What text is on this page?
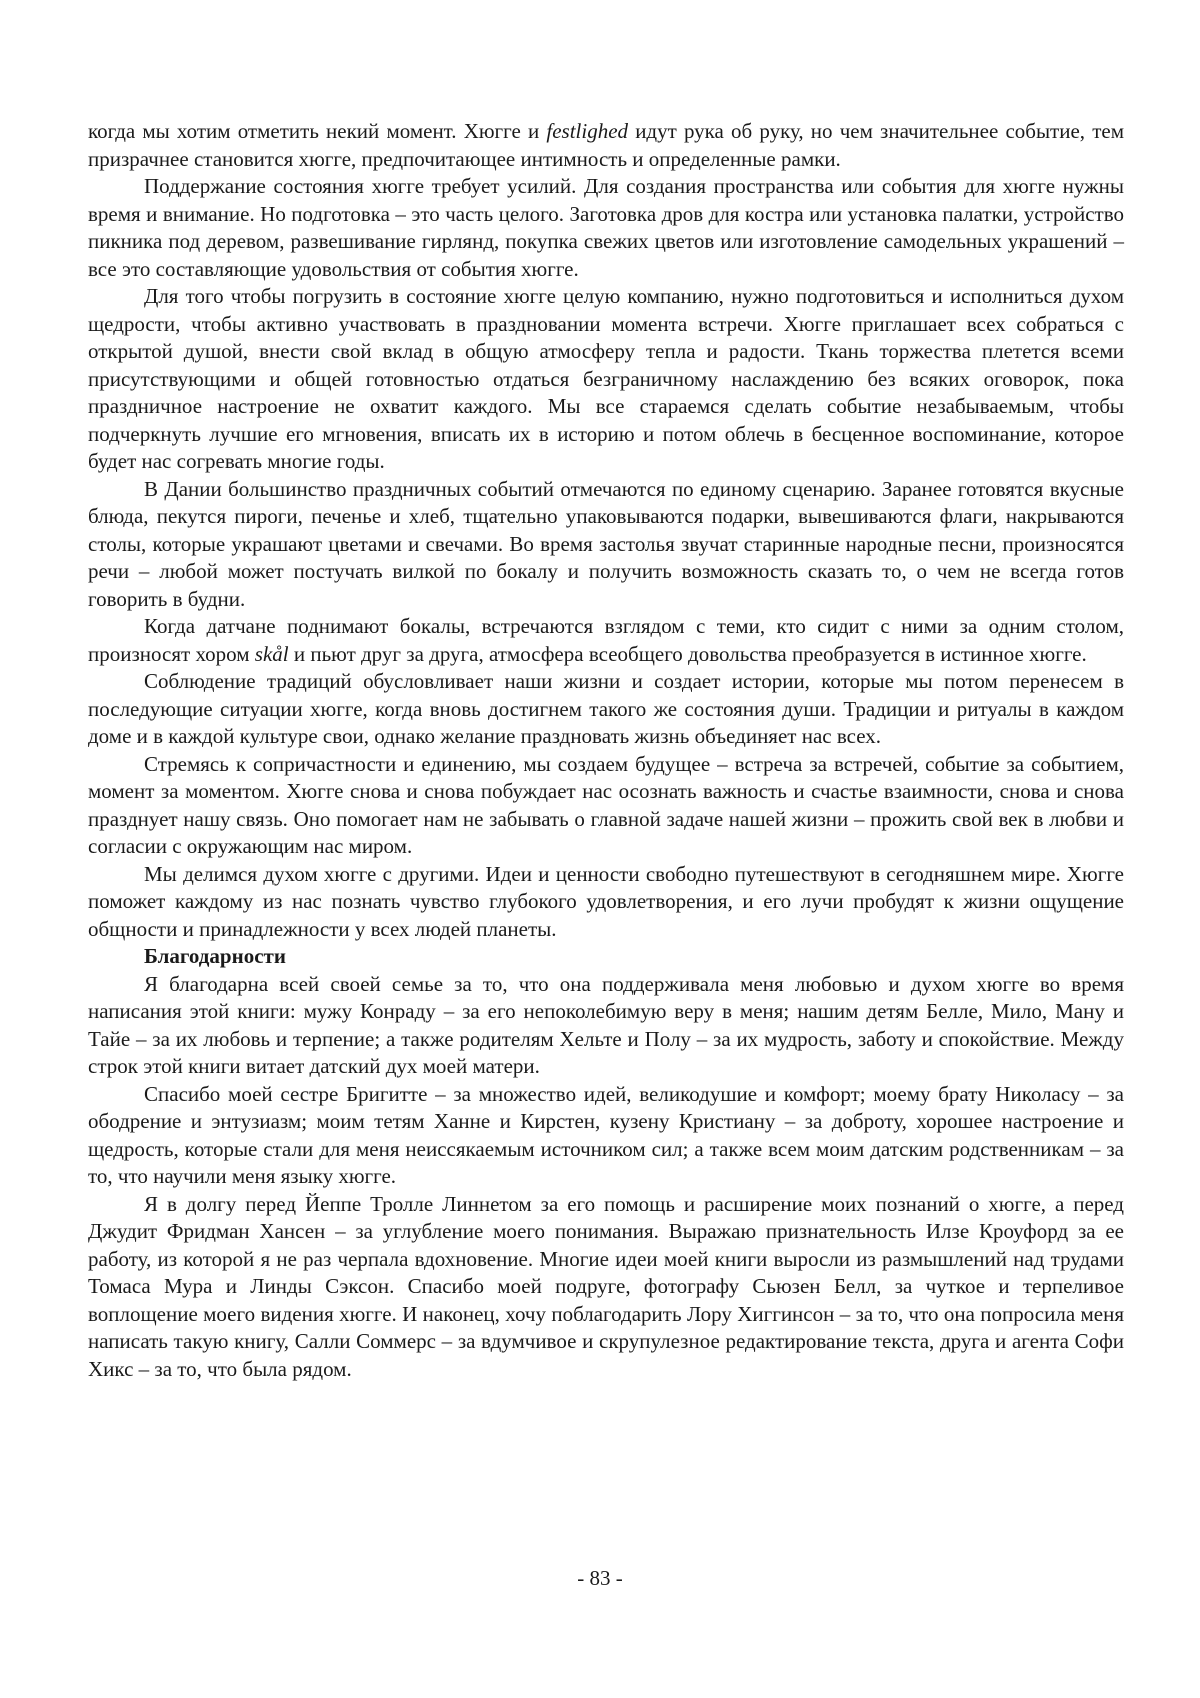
когда мы хотим отметить некий момент. Хюгге и festlighed идут рука об руку, но чем значительнее событие, тем призрачнее становится хюгге, предпочитающее интимность и определенные рамки.

Поддержание состояния хюгге требует усилий. Для создания пространства или события для хюгге нужны время и внимание. Но подготовка – это часть целого. Заготовка дров для костра или установка палатки, устройство пикника под деревом, развешивание гирлянд, покупка свежих цветов или изготовление самодельных украшений – все это составляющие удовольствия от события хюгге.

Для того чтобы погрузить в состояние хюгге целую компанию, нужно подготовиться и исполниться духом щедрости, чтобы активно участвовать в праздновании момента встречи. Хюгге приглашает всех собраться с открытой душой, внести свой вклад в общую атмосферу тепла и радости. Ткань торжества плетется всеми присутствующими и общей готовностью отдаться безграничному наслаждению без всяких оговорок, пока праздничное настроение не охватит каждого. Мы все стараемся сделать событие незабываемым, чтобы подчеркнуть лучшие его мгновения, вписать их в историю и потом облечь в бесценное воспоминание, которое будет нас согревать многие годы.

В Дании большинство праздничных событий отмечаются по единому сценарию. Заранее готовятся вкусные блюда, пекутся пироги, печенье и хлеб, тщательно упаковываются подарки, вывешиваются флаги, накрываются столы, которые украшают цветами и свечами. Во время застолья звучат старинные народные песни, произносятся речи – любой может постучать вилкой по бокалу и получить возможность сказать то, о чем не всегда готов говорить в будни.

Когда датчане поднимают бокалы, встречаются взглядом с теми, кто сидит с ними за одним столом, произносят хором skål и пьют друг за друга, атмосфера всеобщего довольства преобразуется в истинное хюгге.

Соблюдение традиций обусловливает наши жизни и создает истории, которые мы потом перенесем в последующие ситуации хюгге, когда вновь достигнем такого же состояния души. Традиции и ритуалы в каждом доме и в каждой культуре свои, однако желание праздновать жизнь объединяет нас всех.

Стремясь к сопричастности и единению, мы создаем будущее – встреча за встречей, событие за событием, момент за моментом. Хюгге снова и снова побуждает нас осознать важность и счастье взаимности, снова и снова празднует нашу связь. Оно помогает нам не забывать о главной задаче нашей жизни – прожить свой век в любви и согласии с окружающим нас миром.

Мы делимся духом хюгге с другими. Идеи и ценности свободно путешествуют в сегодняшнем мире. Хюгге поможет каждому из нас познать чувство глубокого удовлетворения, и его лучи пробудят к жизни ощущение общности и принадлежности у всех людей планеты.

Благодарности

Я благодарна всей своей семье за то, что она поддерживала меня любовью и духом хюгге во время написания этой книги: мужу Конраду – за его непоколебимую веру в меня; нашим детям Белле, Мило, Ману и Тайе – за их любовь и терпение; а также родителям Хельте и Полу – за их мудрость, заботу и спокойствие. Между строк этой книги витает датский дух моей матери.

Спасибо моей сестре Бригитте – за множество идей, великодушие и комфорт; моему брату Николасу – за ободрение и энтузиазм; моим тетям Ханне и Кирстен, кузену Кристиану – за доброту, хорошее настроение и щедрость, которые стали для меня неиссякаемым источником сил; а также всем моим датским родственникам – за то, что научили меня языку хюгге.

Я в долгу перед Йеппе Тролле Линнетом за его помощь и расширение моих познаний о хюгге, а перед Джудит Фридман Хансен – за углубление моего понимания. Выражаю признательность Илзе Кроуфорд за ее работу, из которой я не раз черпала вдохновение. Многие идеи моей книги выросли из размышлений над трудами Томаса Мура и Линды Сэксон. Спасибо моей подруге, фотографу Сьюзен Белл, за чуткое и терпеливое воплощение моего видения хюгге. И наконец, хочу поблагодарить Лору Хиггинсон – за то, что она попросила меня написать такую книгу, Салли Соммерс – за вдумчивое и скрупулезное редактирование текста, друга и агента Софи Хикс – за то, что была рядом.

- 83 -
